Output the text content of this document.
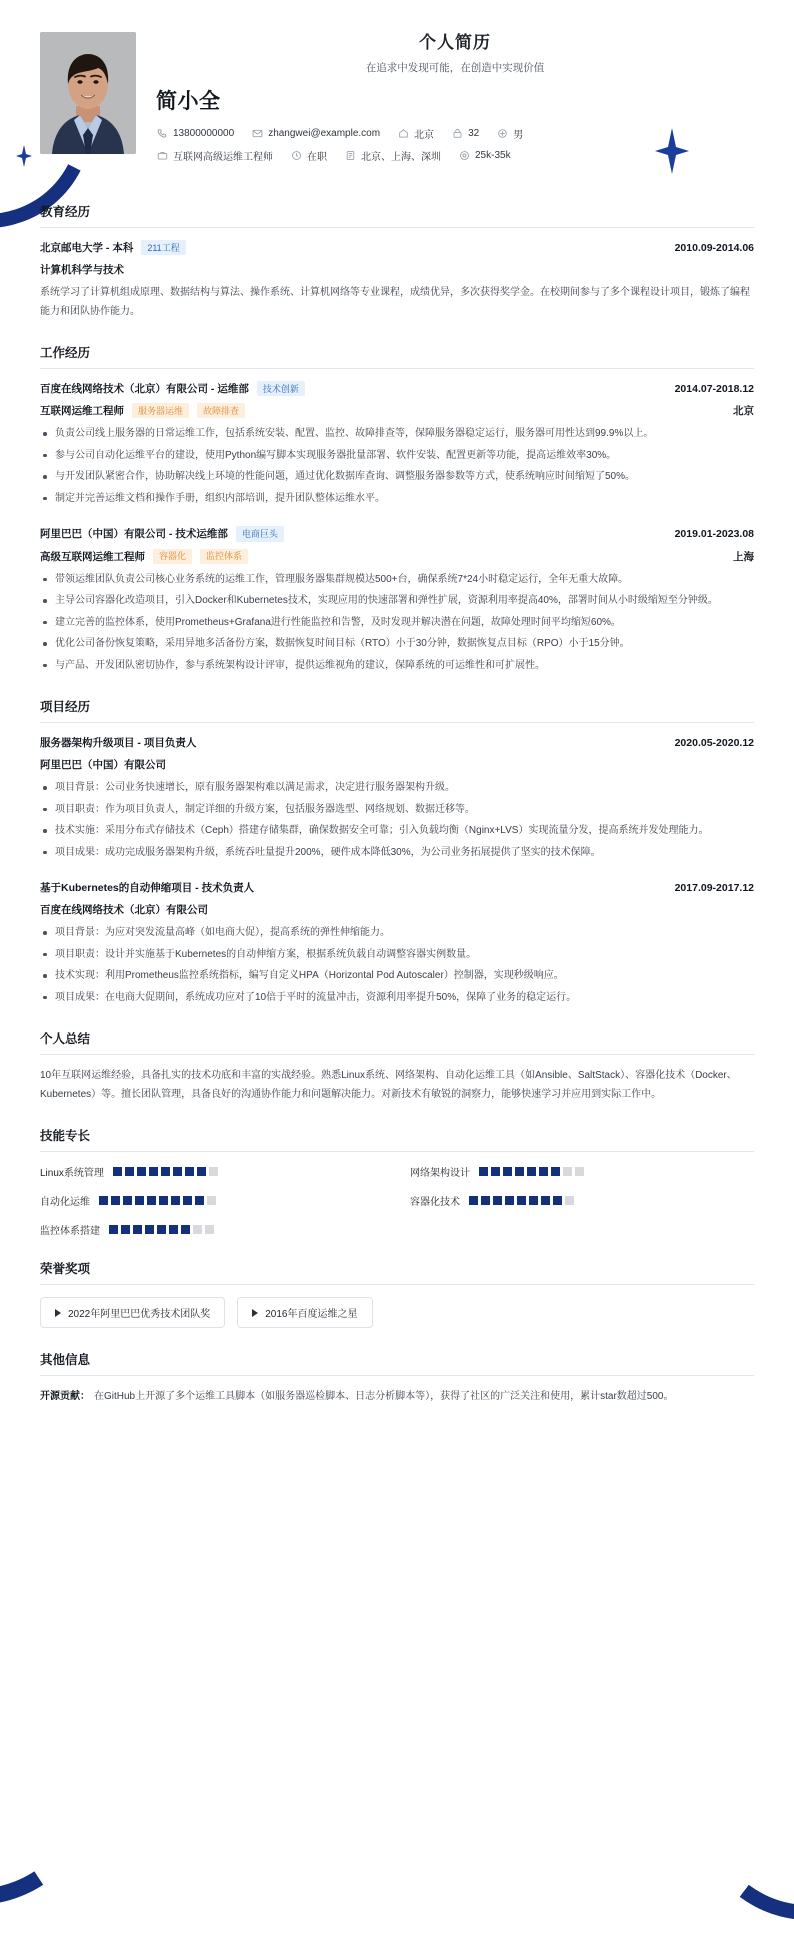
个人简历
在追求中发现可能，在创造中实现价值
简小全
13800000000	zhangwei@example.com	北京	32	男
互联网高级运维工程师	在职	北京、上海、深圳	25k-35k
教育经历
北京邮电大学 - 本科	211工程	2010.09-2014.06
计算机科学与技术

系统学习了计算机组成原理、数据结构与算法、操作系统、计算机网络等专业课程，成绩优异，多次获得奖学金。在校期间参与了多个课程设计项目，锻炼了编程能力和团队协作能力。

工作经历
百度在线网络技术（北京）有限公司 - 运维部	技术创新	2014.07-2018.12
互联网运维工程师	服务器运维	故障排查	北京
负责公司线上服务器的日常运维工作，包括系统安装、配置、监控、故障排查等，保障服务器稳定运行，服务器可用性达到99.9%以上。
参与公司自动化运维平台的建设，使用Python编写脚本实现服务器批量部署、软件安装、配置更新等功能，提高运维效率30%。
与开发团队紧密合作，协助解决线上环境的性能问题，通过优化数据库查询、调整服务器参数等方式，使系统响应时间缩短了50%。
制定并完善运维文档和操作手册，组织内部培训，提升团队整体运维水平。
阿里巴巴（中国）有限公司 - 技术运维部	电商巨头	2019.01-2023.08
高级互联网运维工程师	容器化	监控体系	上海
带领运维团队负责公司核心业务系统的运维工作，管理服务器集群规模达500+台，确保系统7*24小时稳定运行，全年无重大故障。
主导公司容器化改造项目，引入Docker和Kubernetes技术，实现应用的快速部署和弹性扩展，资源利用率提高40%，部署时间从小时级缩短至分钟级。
建立完善的监控体系，使用Prometheus+Grafana进行性能监控和告警，及时发现并解决潜在问题，故障处理时间平均缩短60%。
优化公司备份恢复策略，采用异地多活备份方案，数据恢复时间目标（RTO）小于30分钟，数据恢复点目标（RPO）小于15分钟。
与产品、开发团队密切协作，参与系统架构设计评审，提供运维视角的建议，保障系统的可运维性和可扩展性。
项目经历
服务器架构升级项目 - 项目负责人	2020.05-2020.12
阿里巴巴（中国）有限公司
项目背景：公司业务快速增长，原有服务器架构难以满足需求，决定进行服务器架构升级。
项目职责：作为项目负责人，制定详细的升级方案，包括服务器选型、网络规划、数据迁移等。
技术实施：采用分布式存储技术（Ceph）搭建存储集群，确保数据安全可靠；引入负载均衡（Nginx+LVS）实现流量分发，提高系统并发处理能力。
项目成果：成功完成服务器架构升级，系统吞吐量提升200%，硬件成本降低30%，为公司业务拓展提供了坚实的技术保障。
基于Kubernetes的自动伸缩项目 - 技术负责人	2017.09-2017.12
百度在线网络技术（北京）有限公司
项目背景：为应对突发流量高峰（如电商大促），提高系统的弹性伸缩能力。
项目职责：设计并实施基于Kubernetes的自动伸缩方案，根据系统负载自动调整容器实例数量。
技术实现：利用Prometheus监控系统指标，编写自定义HPA（Horizontal Pod Autoscaler）控制器，实现秒级响应。
项目成果：在电商大促期间，系统成功应对了10倍于平时的流量冲击，资源利用率提升50%，保障了业务的稳定运行。
个人总结

10年互联网运维经验，具备扎实的技术功底和丰富的实战经验。熟悉Linux系统、网络架构、自动化运维工具（如Ansible、SaltStack）、容器化技术（Docker、Kubernetes）等。擅长团队管理，具备良好的沟通协作能力和问题解决能力。对新技术有敏锐的洞察力，能够快速学习并应用到实际工作中。

技能专长
Linux系统管理	网络架构设计
自动化运维	容器化技术
监控体系搭建
荣誉奖项
2022年阿里巴巴优秀技术团队奖	2016年百度运维之星
其他信息
开源贡献： 在GitHub上开源了多个运维工具脚本（如服务器巡检脚本、日志分析脚本等），获得了社区的广泛关注和使用，累计star数超过500。
